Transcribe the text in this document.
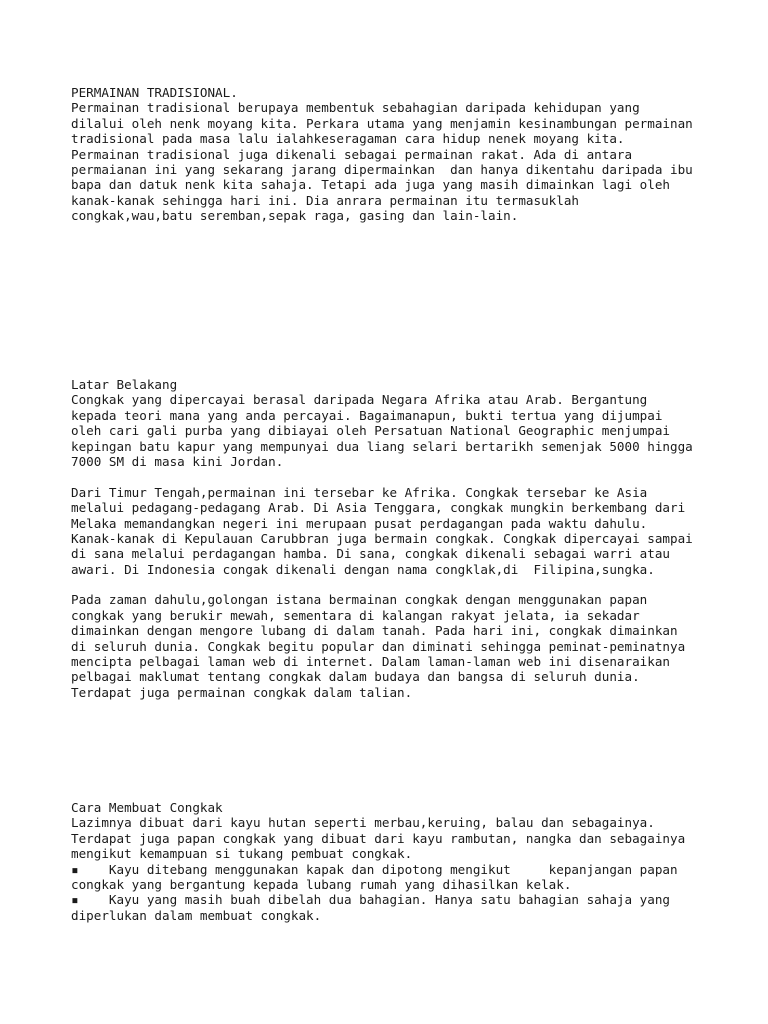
PERMAINAN TRADISIONAL.
Permainan tradisional berupaya membentuk sebahagian daripada kehidupan yang
dilalui oleh nenk moyang kita. Perkara utama yang menjamin kesinambungan permainan
tradisional pada masa lalu ialahkeseragaman cara hidup nenek moyang kita.
Permainan tradisional juga dikenali sebagai permainan rakat. Ada di antara
permaianan ini yang sekarang jarang dipermainkan  dan hanya dikentahu daripada ibu
bapa dan datuk nenk kita sahaja. Tetapi ada juga yang masih dimainkan lagi oleh
kanak-kanak sehingga hari ini. Dia anrara permainan itu termasuklah
congkak,wau,batu seremban,sepak raga, gasing dan lain-lain.
Latar Belakang
Congkak yang dipercayai berasal daripada Negara Afrika atau Arab. Bergantung
kepada teori mana yang anda percayai. Bagaimanapun, bukti tertua yang dijumpai
oleh cari gali purba yang dibiayai oleh Persatuan National Geographic menjumpai
kepingan batu kapur yang mempunyai dua liang selari bertarikh semenjak 5000 hingga
7000 SM di masa kini Jordan.
Dari Timur Tengah,permainan ini tersebar ke Afrika. Congkak tersebar ke Asia
melalui pedagang-pedagang Arab. Di Asia Tenggara, congkak mungkin berkembang dari
Melaka memandangkan negeri ini merupaan pusat perdagangan pada waktu dahulu.
Kanak-kanak di Kepulauan Carubbran juga bermain congkak. Congkak dipercayai sampai
di sana melalui perdagangan hamba. Di sana, congkak dikenali sebagai warri atau
awari. Di Indonesia congak dikenali dengan nama congklak,di  Filipina,sungka.
Pada zaman dahulu,golongan istana bermainan congkak dengan menggunakan papan
congkak yang berukir mewah, sementara di kalangan rakyat jelata, ia sekadar
dimainkan dengan mengore lubang di dalam tanah. Pada hari ini, congkak dimainkan
di seluruh dunia. Congkak begitu popular dan diminati sehingga peminat-peminatnya
mencipta pelbagai laman web di internet. Dalam laman-laman web ini disenaraikan
pelbagai maklumat tentang congkak dalam budaya dan bangsa di seluruh dunia.
Terdapat juga permainan congkak dalam talian.
Cara Membuat Congkak
Lazimnya dibuat dari kayu hutan seperti merbau,keruing, balau dan sebagainya.
Terdapat juga papan congkak yang dibuat dari kayu rambutan, nangka dan sebagainya
mengikut kemampuan si tukang pembuat congkak.
▪    Kayu ditebang menggunakan kapak dan dipotong mengikut     kepanjangan papan
congkak yang bergantung kepada lubang rumah yang dihasilkan kelak.
▪    Kayu yang masih buah dibelah dua bahagian. Hanya satu bahagian sahaja yang
diperlukan dalam membuat congkak.
